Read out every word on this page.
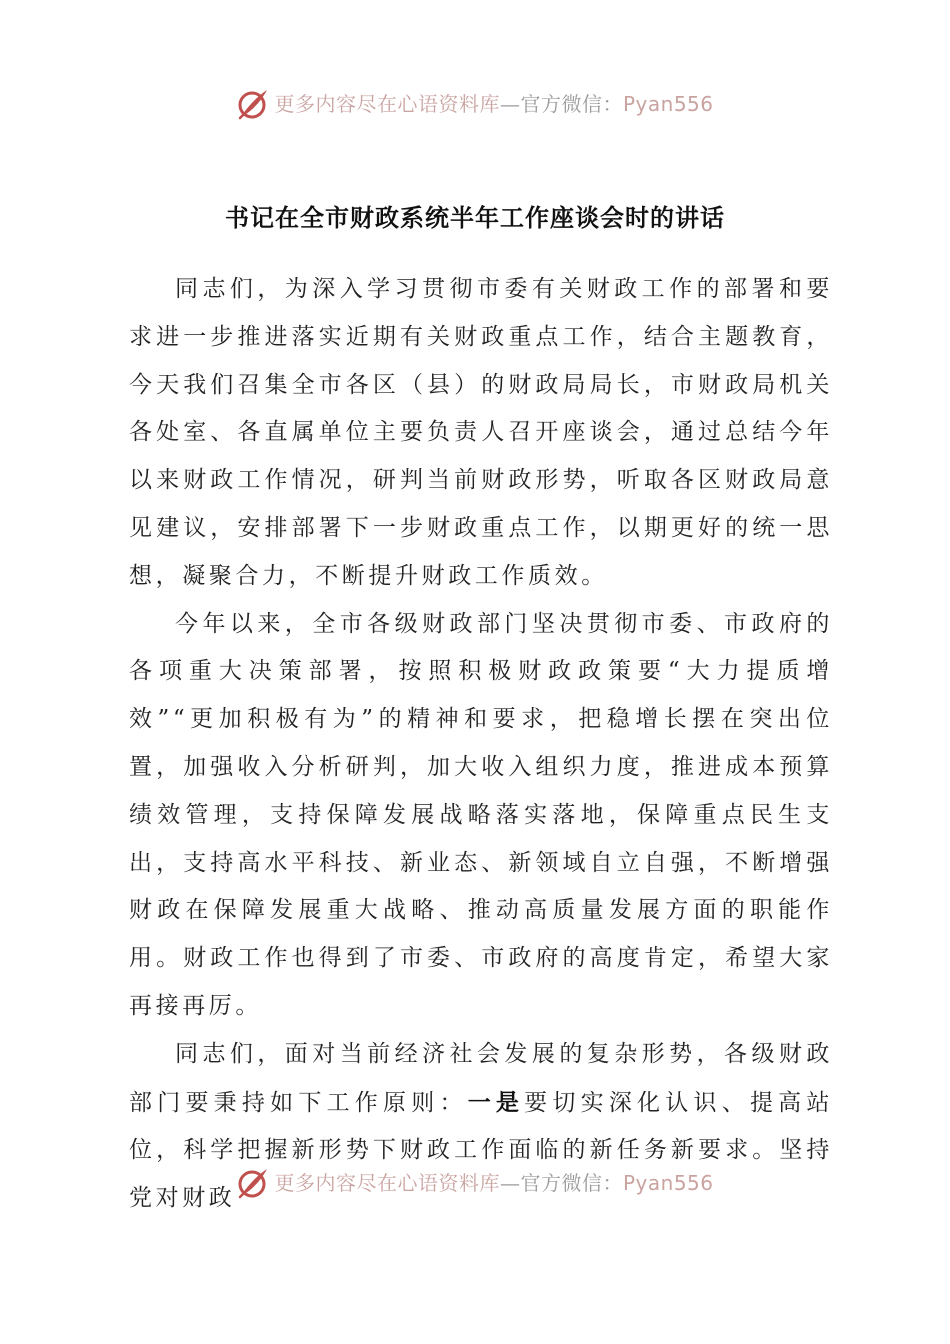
更多内容尽在心语资料库—官方微信：Pyan556
书记在全市财政系统半年工作座谈会时的讲话

同志们，为深入学习贯彻市委有关财政工作的部署和要求进一步推进落实近期有关财政重点工作，结合主题教育，今天我们召集全市各区（县）的财政局局长，市财政局机关各处室、各直属单位主要负责人召开座谈会，通过总结今年以来财政工作情况，研判当前财政形势，听取各区财政局意见建议，安排部署下一步财政重点工作，以期更好的统一思想，凝聚合力，不断提升财政工作质效。

今年以来，全市各级财政部门坚决贯彻市委、市政府的各项重大决策部署，按照积极财政政策要“大力提质增效”“更加积极有为”的精神和要求，把稳增长摆在突出位置，加强收入分析研判，加大收入组织力度，推进成本预算绩效管理，支持保障发展战略落实落地，保障重点民生支出，支持高水平科技、新业态、新领域自立自强，不断增强财政在保障发展重大战略、推动高质量发展方面的职能作用。财政工作也得到了市委、市政府的高度肯定，希望大家再接再厉。

同志们，面对当前经济社会发展的复杂形势，各级财政部门要秉持如下工作原则：一是要切实深化认识、提高站位，科学把握新形势下财政工作面临的新任务新要求。坚持党对财政

更多内容尽在心语资料库—官方微信：Pyan556
